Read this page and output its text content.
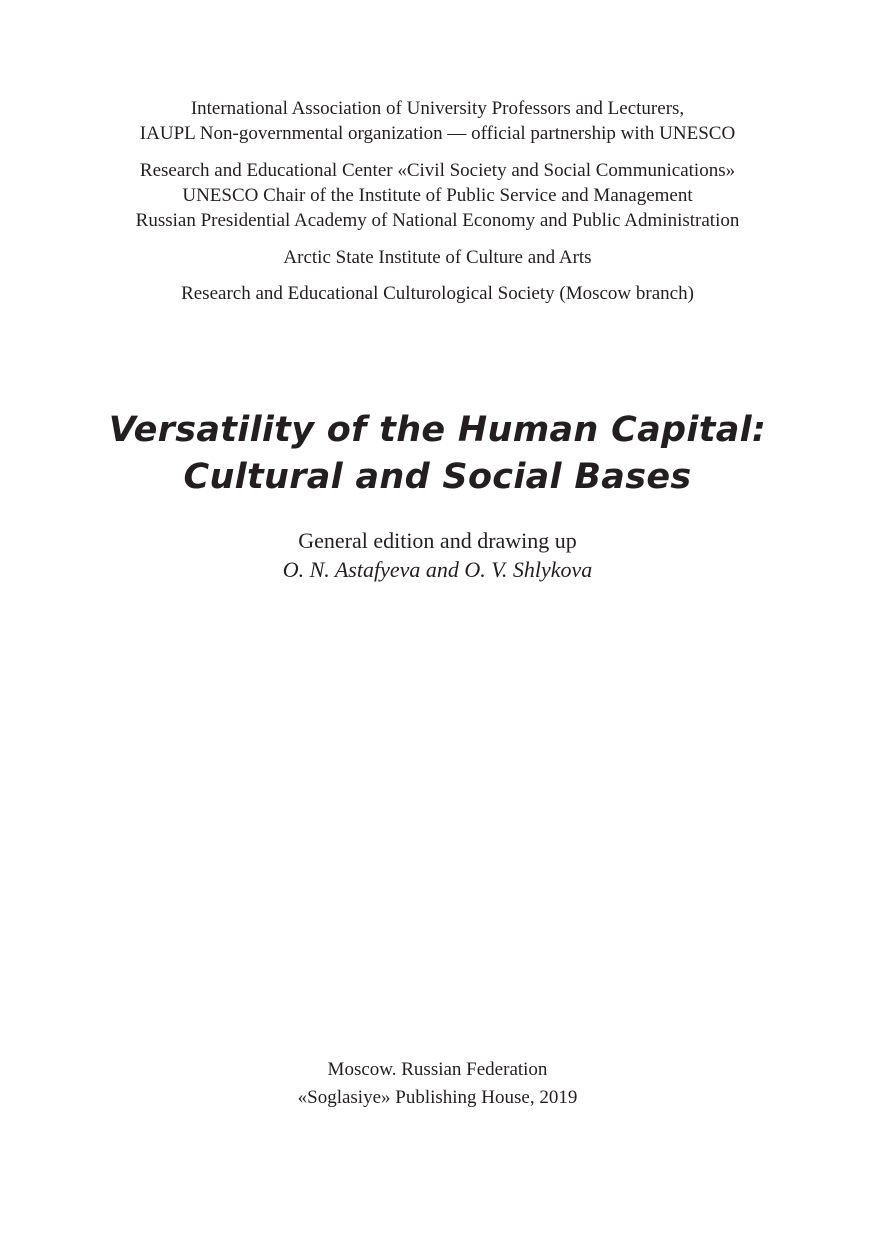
International Association of University Professors and Lecturers,
IAUPL Non-governmental organization — official partnership with UNESCO
Research and Educational Center «Civil Society and Social Communications»
UNESCO Chair of the Institute of Public Service and Management
Russian Presidential Academy of National Economy and Public Administration
Arctic State Institute of Culture and Arts
Research and Educational Culturological Society (Moscow branch)
Versatility of the Human Capital:
Cultural and Social Bases
General edition and drawing up
O. N. Astafyeva and O. V. Shlykova
Moscow. Russian Federation
«Soglasiye» Publishing House, 2019
